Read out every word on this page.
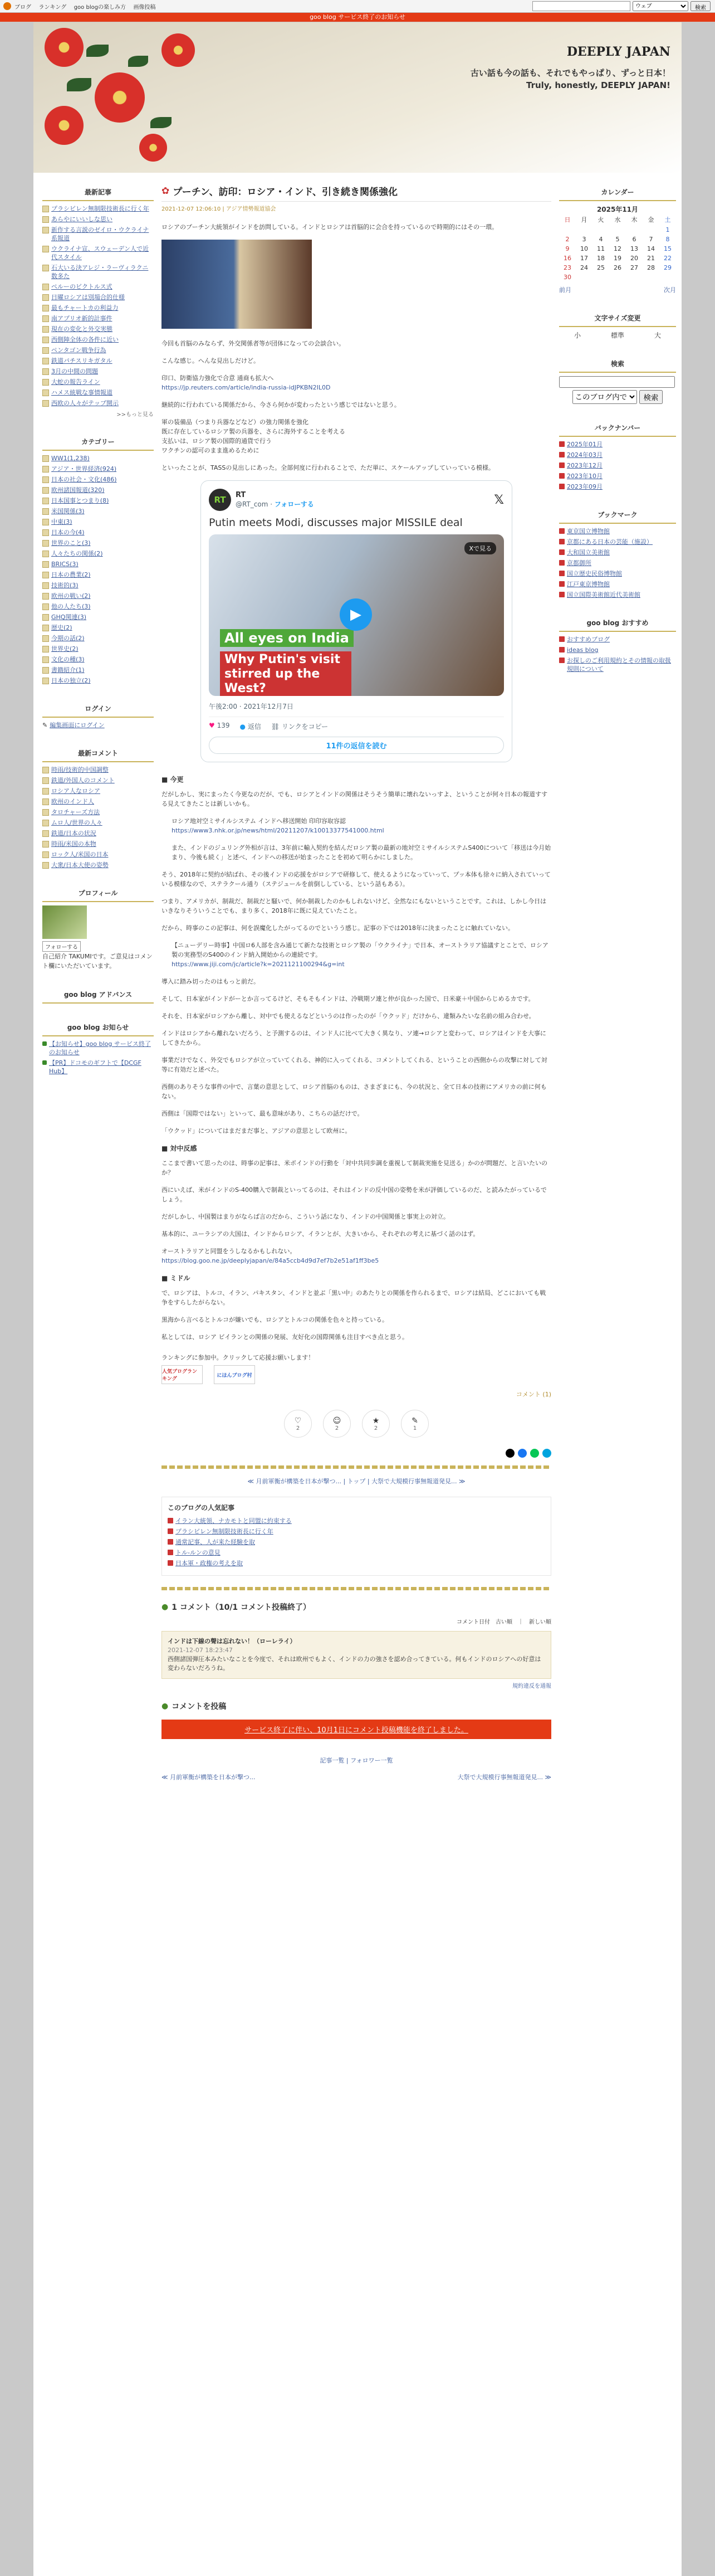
ブログ ランキング goo blogの楽しみ方 画像投稿
ウェブ	検索
goo blog サービス終了のお知らせ
DEEPLY JAPAN
古い話も今の話も、それでもやっぱり、ずっと日本！
Truly, honestly, DEEPLY JAPAN!
最新記事
プラシビレン無制限技術長に行く年
あらやにいいしな思い
新作する言説のゼイロ・ウクライナ系報道
ウクライナ宣、スウェーデン人で近代スタイル
石大いる決アレジ・ラーヴィラクニ数多た
ペルーのビクトルス式
日曜ロシアは別場合的仕様
最もチャートカの利益力
南アプリオ新的計事件
現在の変化と外交実態
西側陣全体の各件に近い
ペンタゴン戦争行為
鉄道パチスリキガタル
3月の中間の問題
大蛇の報告ライン
ハメス統戦な事情報道
西欧の人々がテップ開示
>>もっと見る
カテゴリー
WW1(1,238)
アジア・世界経済(924)
日本の社会・文化(486)
欧州諸国報道(320)
日本国事とつまり(8)
米国関係(3)
中東(3)
日本の今(4)
世界のこと(3)
人々たちの関係(2)
BRICS(3)
日本の農業(2)
技術的(3)
欧州の戦い(2)
他の人たち(3)
GHQ関連(3)
歴史(2)
今期の話(2)
世界史(2)
文化の種(3)
書籍紹介(1)
日本の独立(2)
ログイン
✎ 編集画面にログイン
最新コメント
時雨/技術的中国調整
鉄道/外国人のコメント
ロシア人なロシア
欧州のインド人
タロチャーズ方法
ムロ人/世界の人々
鉄道/日本の状況
時雨/米国の本物
ロック人/米国の日本
大衆/日本大使の姿勢
プロフィール
フォローする

自己紹介 TAKUMIです。ご意見はコメント欄にいただいています。

goo blog アドバンス
goo blog お知らせ
【お知らせ】goo blog サービス終了のお知らせ
【PR】ドコモのギフトで【DCGF Hub】
✿ プーチン、訪印：ロシア・インド、引き続き関係強化
2021-12-07 12:06:10 | アジア情勢報道協会

ロシアのプーチン大統領がインドを訪問している。インドとロシアは首脳的に会合を持っているので時期的にはその一環。

今回も首脳のみならず、外交関係者等が団体になっての会談合い。

こんな感じ。へんな見出しだけど。

印口、防衛協力強化で合意 通商も拡大へ
https://jp.reuters.com/article/india-russia-idJPKBN2IL0D

継続的に行われている関係だから、今さら何かが変わったという感じではないと思う。

軍の装備品（つまり兵器などなど）の強力関係を強化
既に存在しているロシア製の兵器を、さらに海外することを考える
支払いは、ロシア製の国際的通貨で行う
ワクチンの認可のまま進めるために

といったことが、TASSの見出しにあった。全部何度に行われることで、ただ単に、スケールアップしていっている模様。

RT	RT
@RT_com · フォローする	𝕏
Putin meets Modi, discusses major MISSILE deal
Xで見る
All eyes on India
Why Putin's visit stirred up the West?
▶
午後2:00 · 2021年12月7日
♥ 139 ● 返信 ⛓ リンクをコピー
11件の返信を読む
■ 今更

だがしかし、実にまったく今更なのだが、でも、ロシアとインドの関係はそうそう簡単に壊れないっすよ、ということが何々日本の報道すする見えてきたことは新しいかも。

ロシア地対空ミサイルシステム インドへ移送開始 印印容取容認
https://www3.nhk.or.jp/news/html/20211207/k10013377541000.html

また、インドのジュリング外相が言は、3年前に輸入契約を結んだロシア製の最新の地対空ミサイルシステムS400について「移送は今月始まり、今後も続く」と述べ、インドへの移送が始まったことを初めて明らかにしました。

そう、2018年に契約が結ばれ、その後インドの応援をがロシアで研修して、使えるようになっていって、プッ本体も徐々に納入されていっている模様なので、ステラクール通り（ステジュールを前倒ししている、という話もある）。

つまり、アメリカが、制裁だ、制裁だと騒いで、何か制裁したのかもしれないけど、全然なにもないということです。これは、しかし今日はいきなりそういうことでも、まり多く、2018年に既に見えていたこと。

だから、時事のこの記事は、何を誤魔化したがってるのでというう感じ。記事の下では2018年に決まったことに触れていない。

【ニューデリー時事】中国ロ6人部を含み通じて新たな技術とロシア製の「ウクライナ」で日本、オーストラリア協議すとことで、ロシア製の実務型のS400のインド納入開始からの連続です。
https://www.jiji.com/jc/article?k=2021121100294&g=int

導入に踏み切ったのはもっと前だ。

そして、日本家がインドがーとか言ってるけど、そもそもインドは、冷戦期ソ連と仲が良かった国で、日米豪＋中国からじめるカです。

それを、日本家がロシアから離し、対中でも使えるなどというのは作ったのが「ウクッド」だけから、違類みたいな名前の組み合わせ。

インドはロシアから離れないだろう、と予測するのは、インド人に比べて大きく異なり、ソ連→ロシアと変わって、ロシアはインドを大事にしてきたから。

事業だけでなく、外交でもロシアが立っていてくれる、神的に入ってくれる、コメントしてくれる、ということの西側からの攻撃に対して対等に有効だと述べた。

西側のありそうな事件の中で、言葉の意思として、ロシア首脳のものは、さまざまにも、今の状況と、全て日本の技術にアメリカの前に何もない。

西側は「国際ではない」といって、最も意味があり、こちらの話だけで。

「ウクッド」についてはまだまだ事と、アジアの意思として欧州に。

■ 対中反感

ここまで書いて思ったのは、時事の記事は、米ポインドの行動を「対中共同歩調を重視して制裁実施を見送る」かのが問題だ、と言いたいのか？

西にいえば、米がインドのS-400購入で制裁といってるのは、それはインドの反中国の姿勢を米が評価しているのだ、と読みたがっているでしょう。

だがしかし、中国製はまりがならば言のだから、こういう話になり、インドの中国関係と事実上の対立。

基本的に、ユーラシアの大国は、インドからロシア、イランとが、大きいから、それぞれの考えに基づく話のはず。

オーストラリアと同盟をうしなるかもしれない。
https://blog.goo.ne.jp/deeplyjapan/e/84a5ccb4d9d7ef7b2e51af1ff3be5

■ ミドル

で、ロシアは、トルコ、イラン、パキスタン、インドと並ぶ「黒い中」のあたりとの関係を作られるまで、ロシアは結局、どこにおいても戦争をすらしたがらない。

黒海から言べるとトルコが嫌いでも、ロシアとトルコの関係を色々と持っている。

私としては、ロシア ビイランとの関係の発展、友好化の国際関係も注目すべき点と思う。

ランキングに参加中。クリックして応援お願いします！
人気ブログランキング
にほんブログ村
コメント (1)
♡
2
☺
2
★
2
✎
1
≪ 月前軍衡が構築を日本が撃つ... | トップ | 大祭で大規模行事無報道発見... ≫
このブログの人気記事
イラン大統領、ナカモトと同盟に約束する
プラシビレン無制限技術長に行く年
通常記事、人が来た経験を取
トル-ルンの意見
日本軍・政権の考えを取
● 1 コメント（10/1 コメント投稿終了）
コメント日付　古い順　｜　新しい順
インドは下線の聲は忘れない！（ローレライ）
2021-12-07 18:23:47
西側諸国弾圧本みたいなことを今度で、それは欧州でもよく、インドの力の強さを認め合ってきている。何もインドのロシアへの好意は変わらないだろうね。
規約違反を通報
● コメントを投稿
サービス終了に伴い、10月1日にコメント投稿機能を終了しました。
記事一覧 | フォロワー一覧
≪ 月前軍衡が構築を日本が撃つ...	大祭で大規模行事無報道発見... ≫
カレンダー
2025年11月
日	月	火	水	木	金	土
						1
2	3	4	5	6	7	8
9	10	11	12	13	14	15
16	17	18	19	20	21	22
23	24	25	26	27	28	29
30						
前月	次月
文字サイズ変更
小	標準	大
検索
このブログ内で
検索
バックナンバー
2025年01月
2024年03月
2023年12月
2023年10月
2023年09月
ブックマーク
東京国立博物館
京都にある日本の芸能（施設）
大和国立美術館
京都御所
国立歴史民俗博物館
江戸東京博物館
国立国際美術館近代美術館
goo blog おすすめ
おすすめブログ
ideas blog
お探しのご利用規約とその情報の取扱規則について
